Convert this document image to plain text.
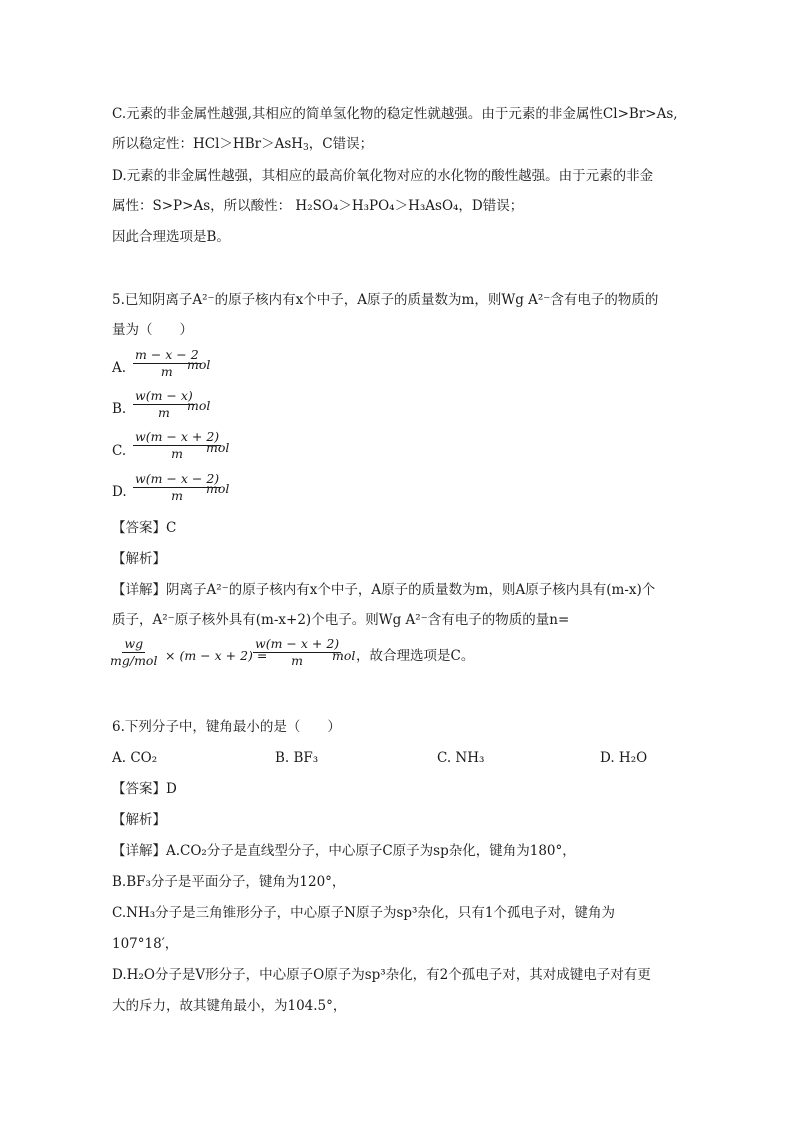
C.元素的非金属性越强,其相应的简单氢化物的稳定性就越强。由于元素的非金属性Cl>Br>As,
所以稳定性：HCl＞HBr＞AsH$_3$，C错误；
D.元素的非金属性越强，其相应的最高价氧化物对应的水化物的酸性越强。由于元素的非金
属性：S>P>As，所以酸性： H₂SO₄＞H₃PO₄＞H₃AsO₄，D错误；
因此合理选项是B。
5.已知阴离子A²⁻的原子核内有x个中子，A原子的质量数为m，则Wg A²⁻含有电子的物质的
量为（　　）
A. $\frac{m - x - 2}{m}$
mol
B. $\frac{w(m - x)}{m}$
mol
C. $\frac{w(m - x + 2)}{m}$
mol
D. $\frac{w(m - x - 2)}{m}$
mol
【答案】C
【解析】
【详解】阴离子A²⁻的原子核内有x个中子，A原子的质量数为m，则A原子核内具有(m-x)个
质子，A²⁻原子核外具有(m-x+2)个电子。则Wg A²⁻含有电子的物质的量n=
wg
mg/mol × (m − x + 2) =
$\frac{w(m - x + 2)}{m}$
mol ，故合理选项是C。
6.下列分子中，键角最小的是（　　）
A. CO₂	B. BF₃	C. NH₃	D. H₂O
【答案】D
【解析】
【详解】A.CO₂分子是直线型分子，中心原子C原子为sp杂化，键角为180°，
B.BF₃分子是平面分子，键角为120°，
C.NH₃分子是三角锥形分子，中心原子N原子为sp³杂化，只有1个孤电子对，键角为
107°18′，
D.H₂O分子是V形分子，中心原子O原子为sp³杂化，有2个孤电子对，其对成键电子对有更
大的斥力，故其键角最小，为104.5°，
